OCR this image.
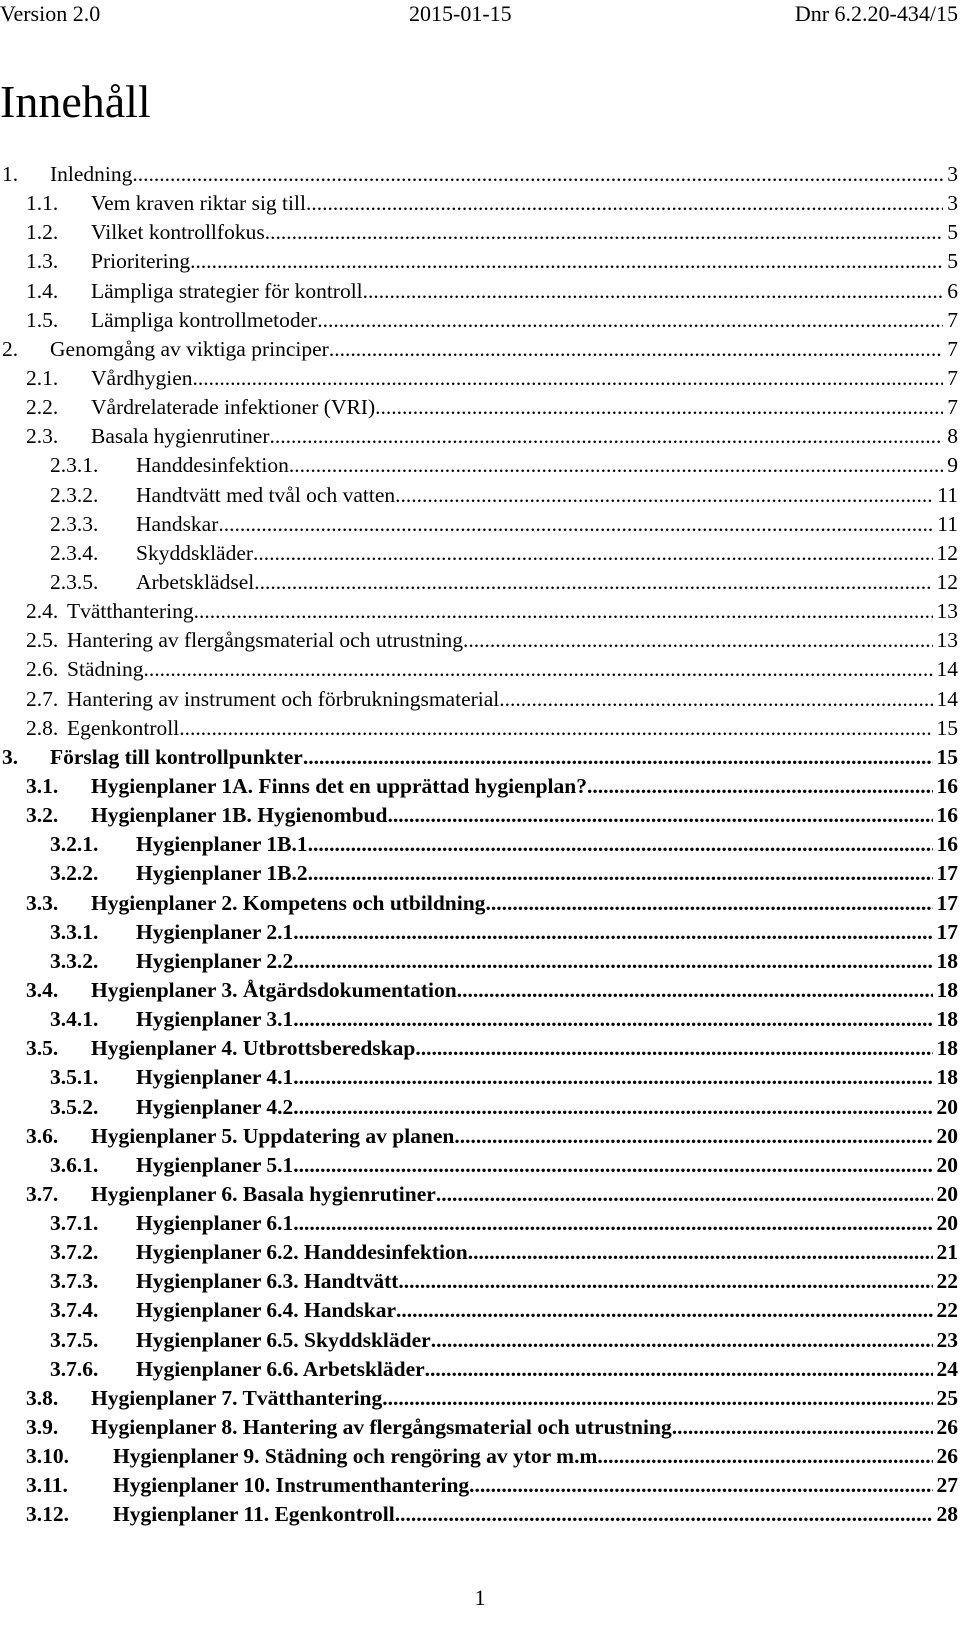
Version 2.0	2015-01-15	Dnr 6.2.20-434/15
Innehåll
1. Inledning .....	3
1.1. Vem kraven riktar sig till .....	3
1.2. Vilket kontrollfokus .....	5
1.3. Prioritering .....	5
1.4. Lämpliga strategier för kontroll .....	6
1.5. Lämpliga kontrollmetoder .....	7
2. Genomgång av viktiga principer .....	7
2.1. Vårdhygien .....	7
2.2. Vårdrelaterade infektioner (VRI) .....	7
2.3. Basala hygienrutiner .....	8
2.3.1. Handdesinfektion .....	9
2.3.2. Handtvätt med tvål och vatten .....	11
2.3.3. Handskar .....	11
2.3.4. Skyddskläder .....	12
2.3.5. Arbetsklädsel .....	12
2.4. Tvätthantering .....	13
2.5. Hantering av flergångsmaterial och utrustning .....	13
2.6. Städning .....	14
2.7. Hantering av instrument och förbrukningsmaterial .....	14
2.8. Egenkontroll .....	15
3. Förslag till kontrollpunkter .....	15
3.1. Hygienplaner 1A. Finns det en upprättad hygienplan? .....	16
3.2. Hygienplaner 1B. Hygienombud .....	16
3.2.1. Hygienplaner 1B.1. .....	16
3.2.2. Hygienplaner 1B.2. .....	17
3.3. Hygienplaner 2. Kompetens och utbildning .....	17
3.3.1. Hygienplaner 2.1 .....	17
3.3.2. Hygienplaner 2.2 .....	18
3.4. Hygienplaner 3. Åtgärdsdokumentation .....	18
3.4.1. Hygienplaner 3.1 .....	18
3.5. Hygienplaner 4. Utbrottsberedskap .....	18
3.5.1. Hygienplaner 4.1 .....	18
3.5.2. Hygienplaner 4.2 .....	20
3.6. Hygienplaner 5. Uppdatering av planen .....	20
3.6.1. Hygienplaner 5.1 .....	20
3.7. Hygienplaner 6. Basala hygienrutiner .....	20
3.7.1. Hygienplaner 6.1 .....	20
3.7.2. Hygienplaner 6.2. Handdesinfektion .....	21
3.7.3. Hygienplaner 6.3. Handtvätt .....	22
3.7.4. Hygienplaner 6.4. Handskar .....	22
3.7.5. Hygienplaner 6.5. Skyddskläder .....	23
3.7.6. Hygienplaner 6.6. Arbetskläder .....	24
3.8. Hygienplaner 7. Tvätthantering .....	25
3.9. Hygienplaner 8. Hantering av flergångsmaterial och utrustning .....	26
3.10. Hygienplaner 9. Städning och rengöring av ytor m.m. .....	26
3.11. Hygienplaner 10. Instrumenthantering .....	27
3.12. Hygienplaner 11. Egenkontroll .....	28
1
